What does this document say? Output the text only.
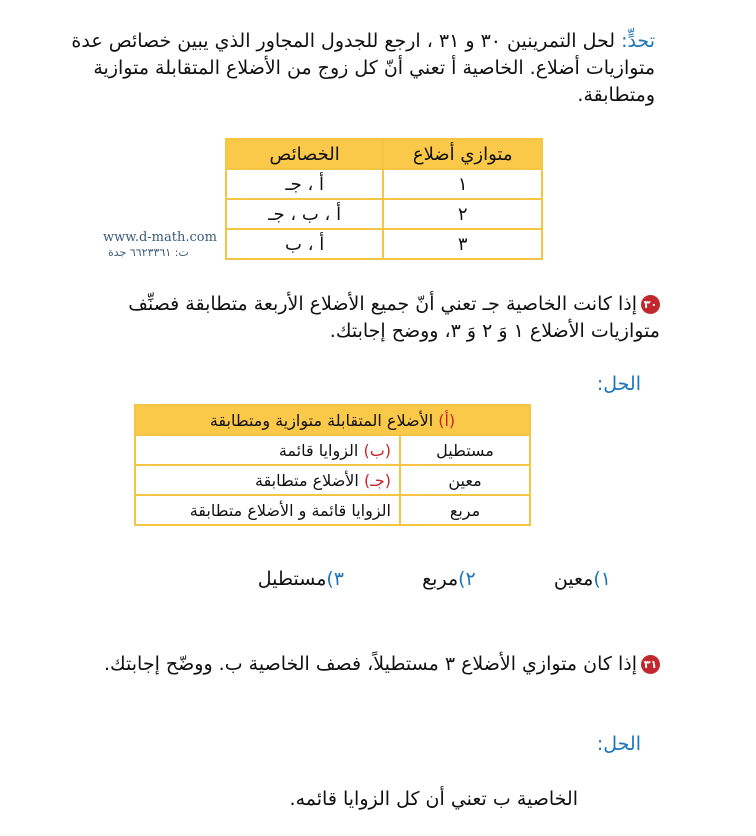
تحدٍّ: لحل التمرينين ٣٠ و ٣١ ، ارجع للجدول المجاور الذي يبين خصائص عدة متوازيات أضلاع. الخاصية أ تعني أنّ كل زوج من الأضلاع المتقابلة متوازية ومتطابقة.
متوازي أضلاع	الخصائص
١	أ ، جـ
٢	أ ، ب ، جـ
٣	أ ، ب
www.d-math.com
ت: ٦٦٢٣٣٦١ جدة
٣٠إذا كانت الخاصية جـ تعني أنّ جميع الأضلاع الأربعة متطابقة فصنِّف متوازيات الأضلاع ١ وَ ٢ وَ ٣، ووضح إجابتك.
الحل:
(أ) الأضلاع المتقابلة متوازية ومتطابقة	
مستطيل	(ب) الزوايا قائمة
معين	(جـ) الأضلاع متطابقة
مربع	الزوايا قائمة و الأضلاع متطابقة
١)معين ٢)مربع ٣)مستطيل
٣١إذا كان متوازي الأضلاع ٣ مستطيلاً، فصف الخاصية ب. ووضّح إجابتك.
الحل:
الخاصية ب تعني أن كل الزوايا قائمه.
